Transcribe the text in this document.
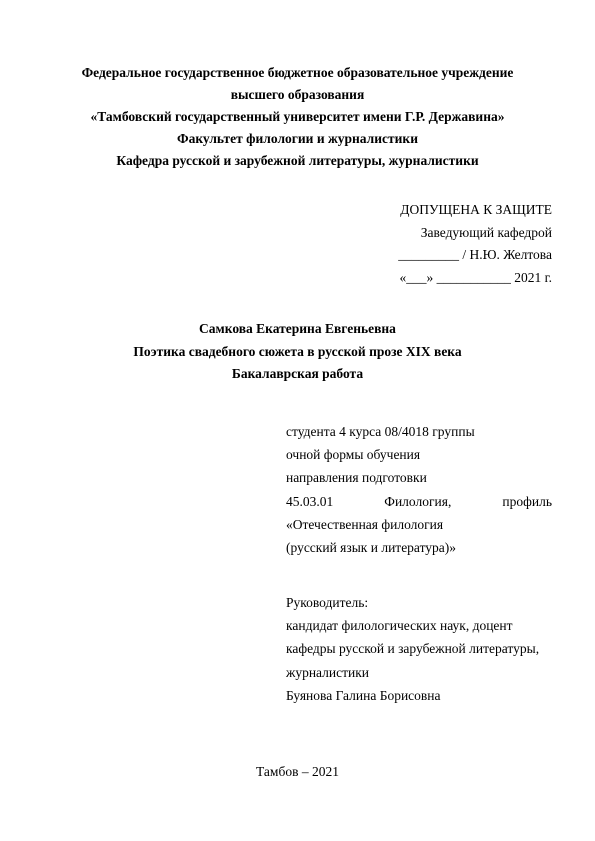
Федеральное государственное бюджетное образовательное учреждение
высшего образования
«Тамбовский государственный университет имени Г.Р. Державина»
Факультет филологии и журналистики
Кафедра русской и зарубежной литературы, журналистики
ДОПУЩЕНА К ЗАЩИТЕ
Заведующий кафедрой
_________ / Н.Ю. Желтова
«___» ___________ 2021 г.
Самкова Екатерина Евгеньевна
Поэтика свадебного сюжета в русской прозе XIX века
Бакалаврская работа
студента 4 курса 08/4018 группы
очной формы обучения
направления подготовки
45.03.01	Филология,	профиль
«Отечественная филология
(русский язык и литература)»
Руководитель:
кандидат филологических наук, доцент
кафедры русской и зарубежной литературы,
журналистики
Буянова Галина Борисовна
Тамбов – 2021
